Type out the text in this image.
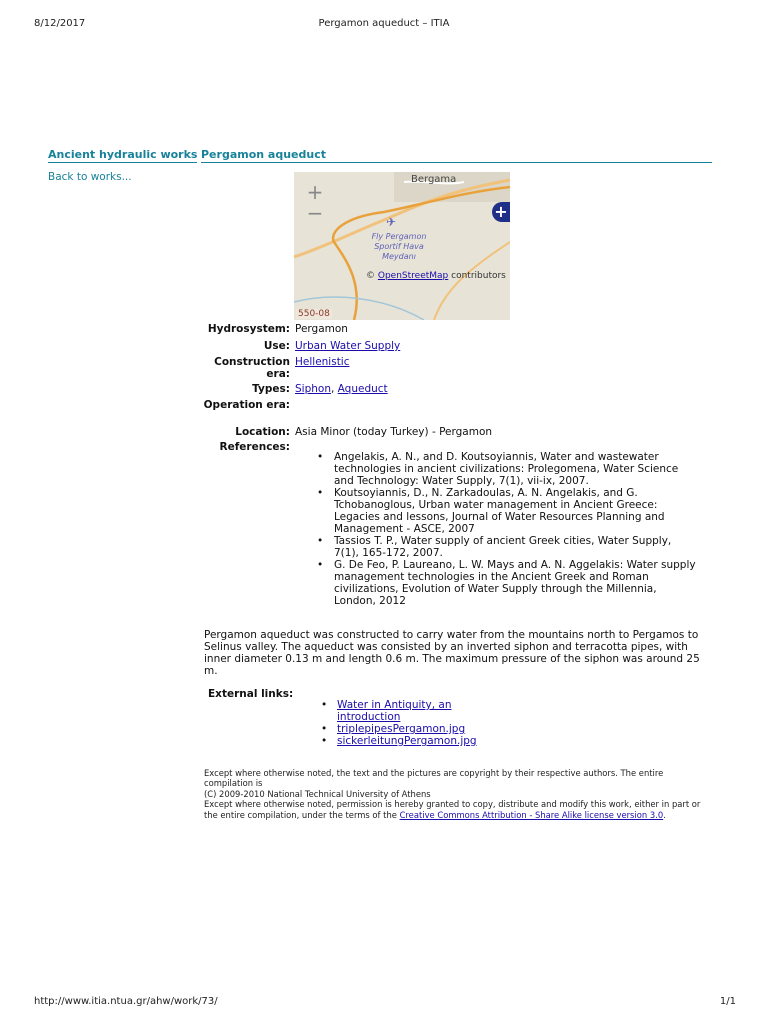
8/12/2017	Pergamon aqueduct – ITIA
Ancient hydraulic works Pergamon aqueduct
Back to works...
+
−	+
Bergama
✈
Fly Pergamon Sportif Hava Meydanı
© OpenStreetMap contributors
550-08
Hydrosystem: Pergamon
Use: Urban Water Supply
Construction era:
Hellenistic
Types: Siphon, Aqueduct
Operation era:
Location: Asia Minor (today Turkey) - Pergamon
References:
• Angelakis, A. N., and D. Koutsoyiannis, Water and wastewater technologies in ancient civilizations: Prolegomena, Water Science and Technology: Water Supply, 7(1), vii-ix, 2007.
• Koutsoyiannis, D., N. Zarkadoulas, A. N. Angelakis, and G. Tchobanoglous, Urban water management in Ancient Greece: Legacies and lessons, Journal of Water Resources Planning and Management - ASCE, 2007
• Tassios T. P., Water supply of ancient Greek cities, Water Supply, 7(1), 165-172, 2007.
• G. De Feo, P. Laureano, L. W. Mays and A. N. Aggelakis: Water supply management technologies in the Ancient Greek and Roman civilizations, Evolution of Water Supply through the Millennia, London, 2012

Pergamon aqueduct was constructed to carry water from the mountains north to Pergamos to Selinus valley. The aqueduct was consisted by an inverted siphon and terracotta pipes, with inner diameter 0.13 m and length 0.6 m. The maximum pressure of the siphon was around 25 m.

External links:
• Water in Antiquity, an introduction
• triplepipesPergamon.jpg
• sickerleitungPergamon.jpg

Except where otherwise noted, the text and the pictures are copyright by their respective authors. The entire compilation is

(C) 2009-2010 National Technical University of Athens

Except where otherwise noted, permission is hereby granted to copy, distribute and modify this work, either in part or the entire compilation, under the terms of the Creative Commons Attribution - Share Alike license version 3.0.

http://www.itia.ntua.gr/ahw/work/73/	1/1
